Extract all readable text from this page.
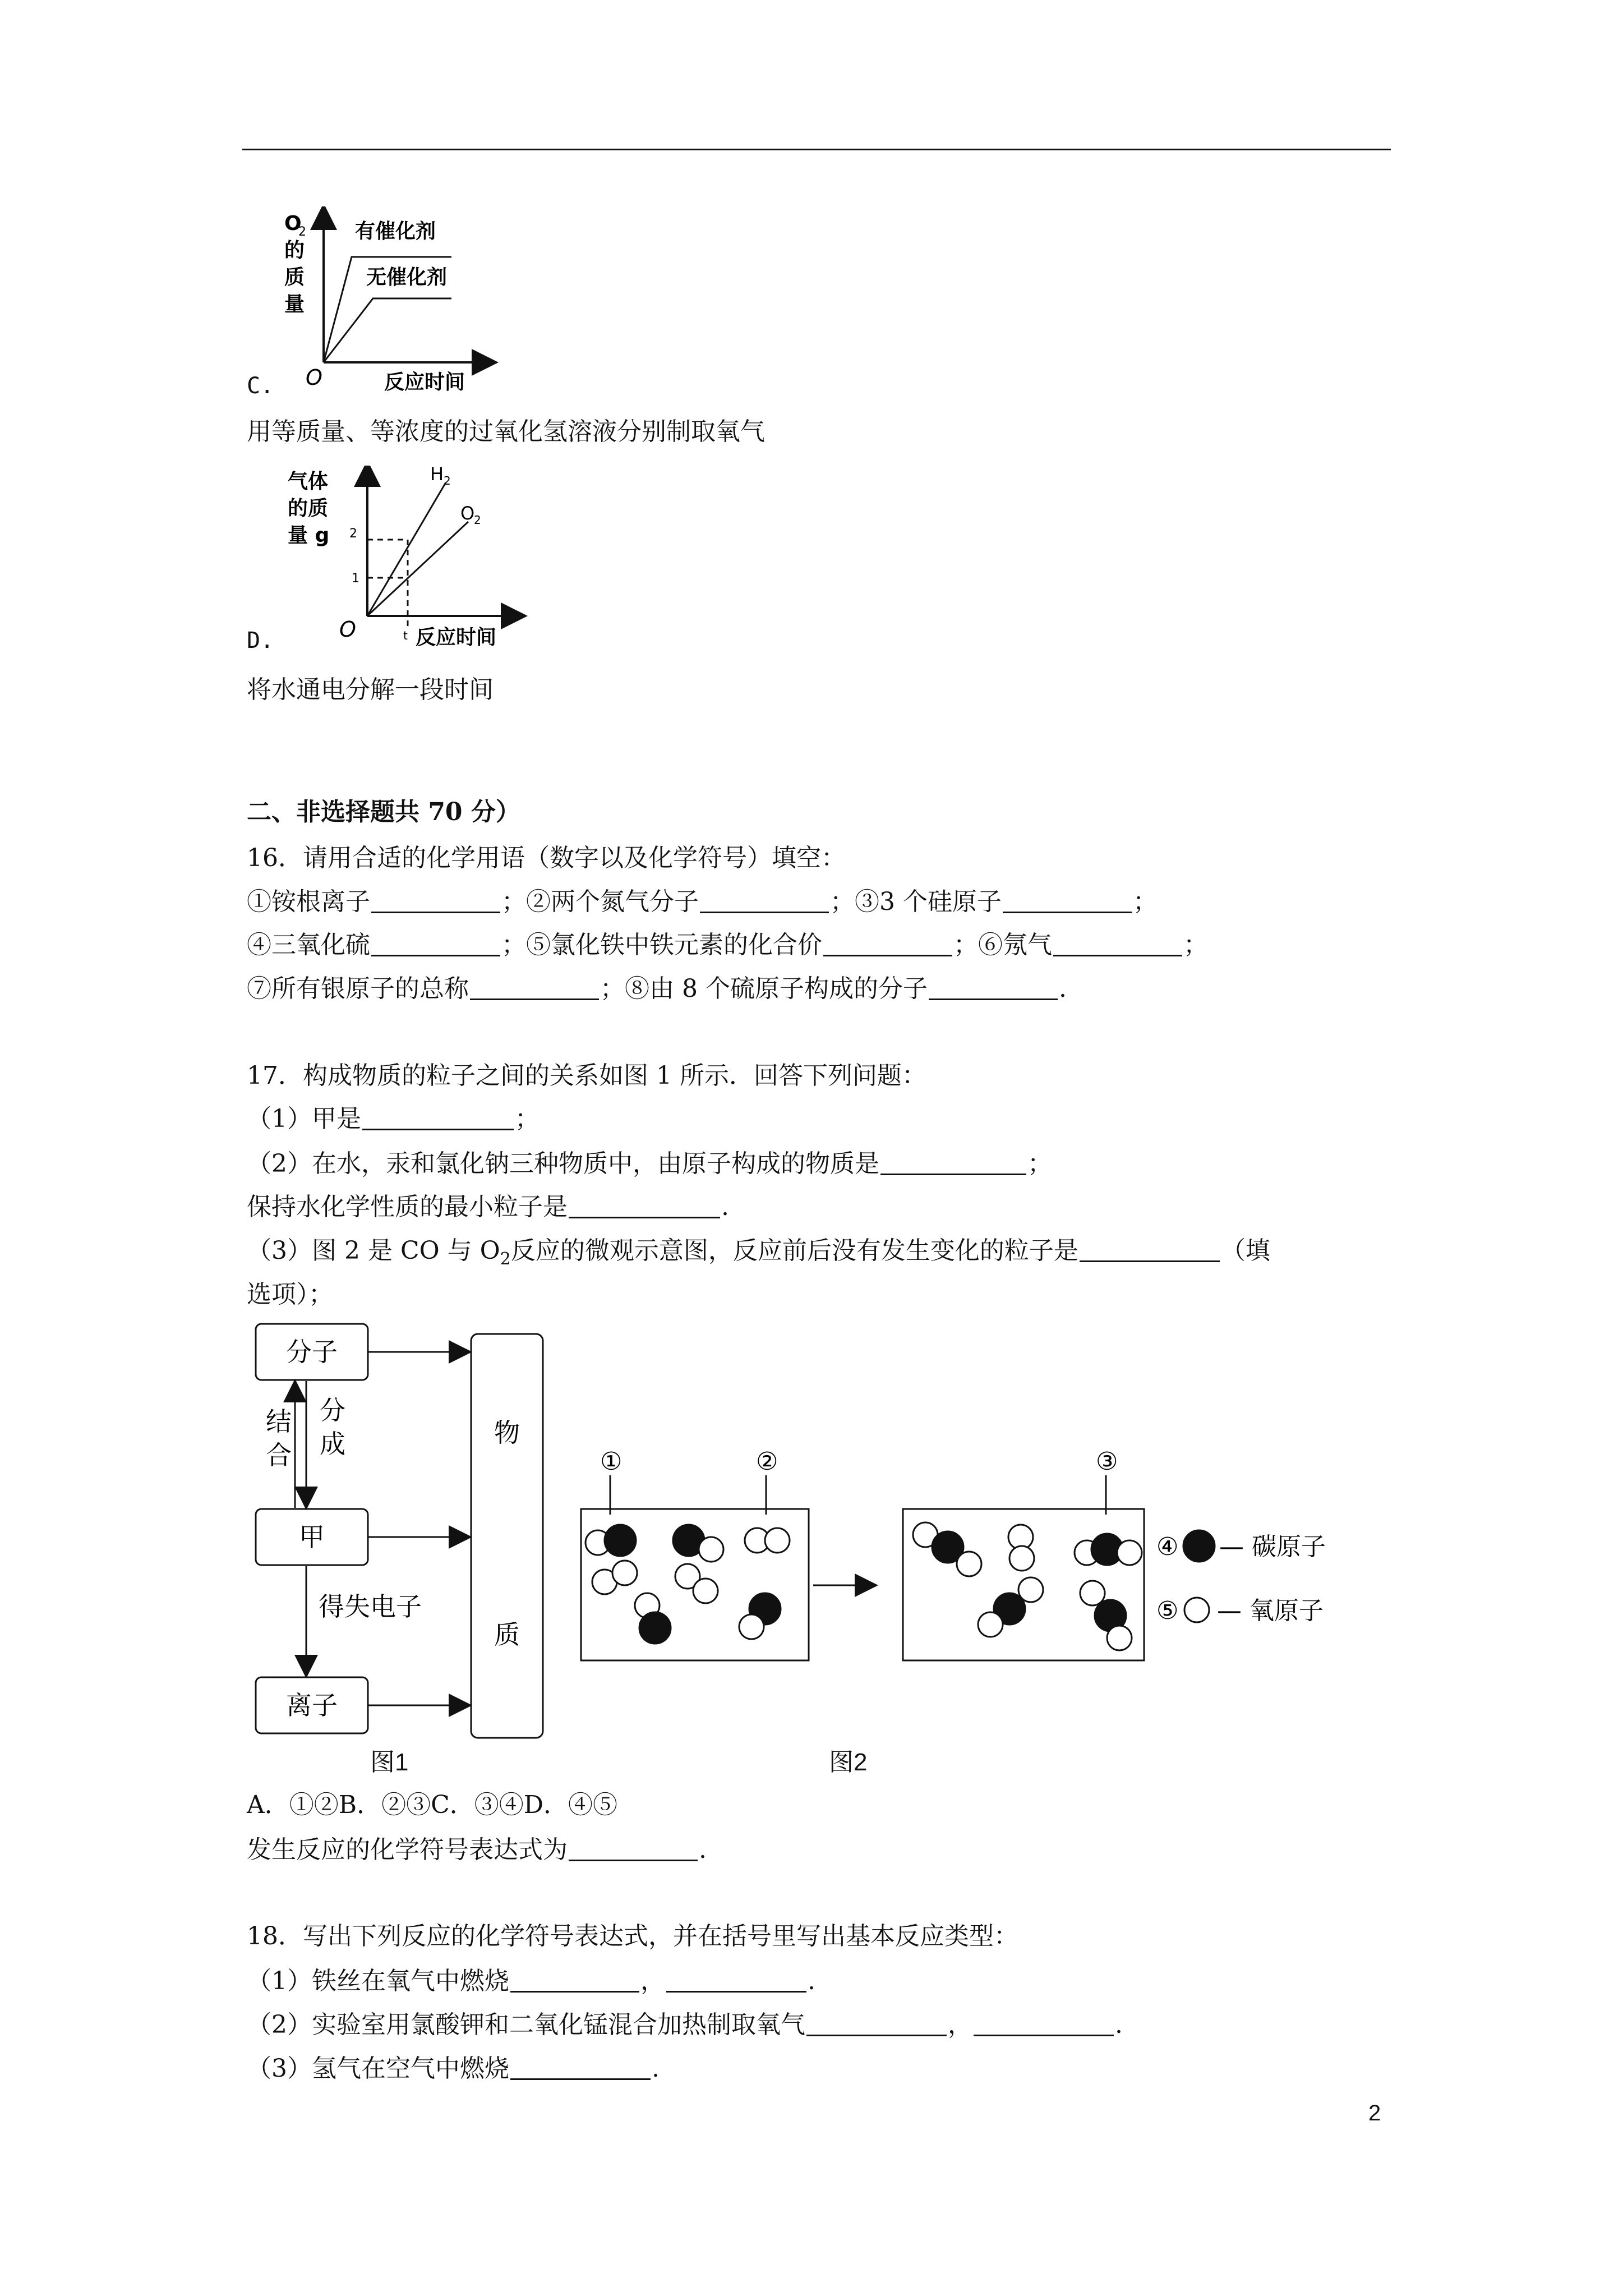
O
2
的
质
量
有催化剂
无催化剂
O	反应时间
C.
用等质量、等浓度的过氧化氢溶液分别制取氧气
气体
的质
量 g 2
1
t
H 2
O
2
O	反应时间
D.
将水通电分解一段时间
二、非选择题共 70 分）
16．请用合适的化学用语（数字以及化学符号）填空：
①铵根离子	；②两个氮气分子	；③3 个硅原子	；
④三氧化硫	；⑤氯化铁中铁元素的化合价	；⑥氖气	；
⑦所有银原子的总称	；⑧由 8 个硫原子构成的分子	.
17．构成物质的粒子之间的关系如图 1 所示．回答下列问题：
（1）甲是	；
（2）在水，汞和氯化钠三种物质中，由原子构成的物质是	；
保持水化学性质的最小粒子是	.
（3）图 2 是 CO 与 $O_2$反应的微观示意图，反应前后没有发生变化的粒子是	（填
选项）；
分子
甲
离子
物
质
结
合
分
成
得失电子
图1
①	②	③
④ — 碳原子
⑤ — 氧原子
图2
A．①②B．②③C．③④D．④⑤
发生反应的化学符号表达式为	.
18．写出下列反应的化学符号表达式，并在括号里写出基本反应类型：
（1）铁丝在氧气中燃烧	，	.
（2）实验室用氯酸钾和二氧化锰混合加热制取氧气	，	.
（3）氢气在空气中燃烧	.
2
